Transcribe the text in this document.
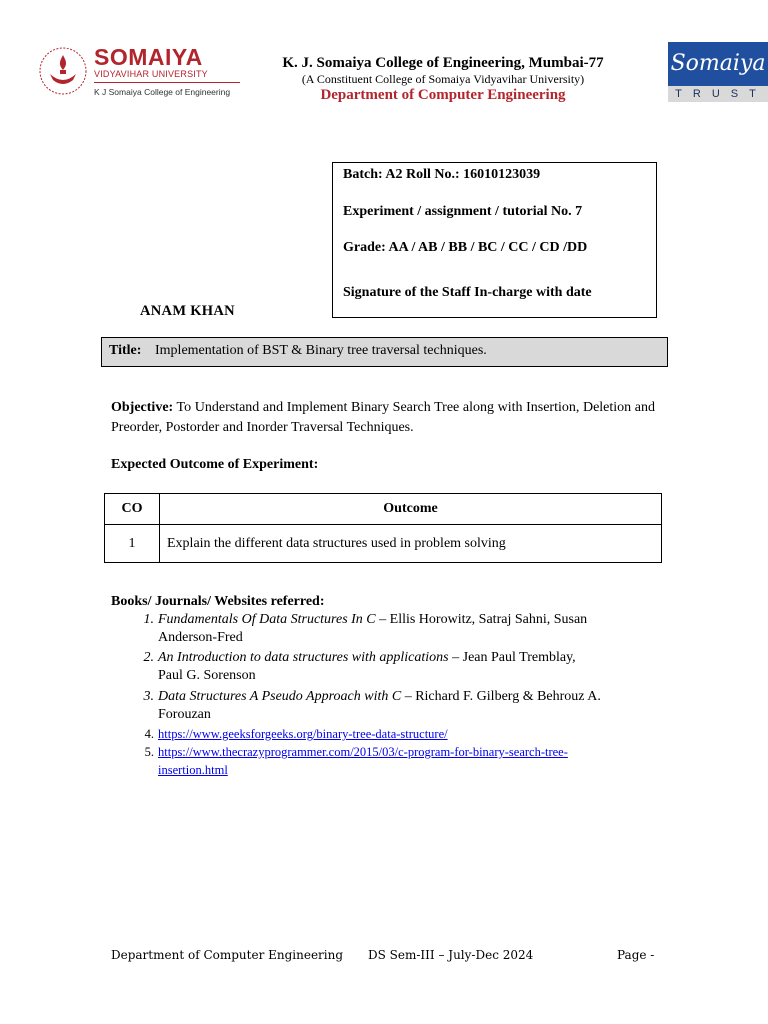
SOMAIYA
VIDYAVIHAR UNIVERSITY
K J Somaiya College of Engineering
K. J. Somaiya College of Engineering, Mumbai-77
(A Constituent College of Somaiya Vidyavihar University)
Department of Computer Engineering
Somaiya
TRUST
Batch: A2 Roll No.: 16010123039
Experiment / assignment / tutorial No. 7
Grade: AA / AB / BB / BC / CC / CD /DD
Signature of the Staff In-charge with date
ANAM KHAN
Title: Implementation of BST & Binary tree traversal techniques.
Objective: To Understand and Implement Binary Search Tree along with Insertion, Deletion and Preorder, Postorder and Inorder Traversal Techniques.
Expected Outcome of Experiment:
CO	Outcome
1	Explain the different data structures used in problem solving
Books/ Journals/ Websites referred:
1. Fundamentals Of Data Structures In C – Ellis Horowitz, Satraj Sahni, Susan
Anderson-Fred
2. An Introduction to data structures with applications – Jean Paul Tremblay,
Paul G. Sorenson
3. Data Structures A Pseudo Approach with C – Richard F. Gilberg & Behrouz A.
Forouzan
4. https://www.geeksforgeeks.org/binary-tree-data-structure/
5. https://www.thecrazyprogrammer.com/2015/03/c-program-for-binary-search-tree-
insertion.html
Department of Computer Engineering DS Sem-III – July-Dec 2024	Page -
